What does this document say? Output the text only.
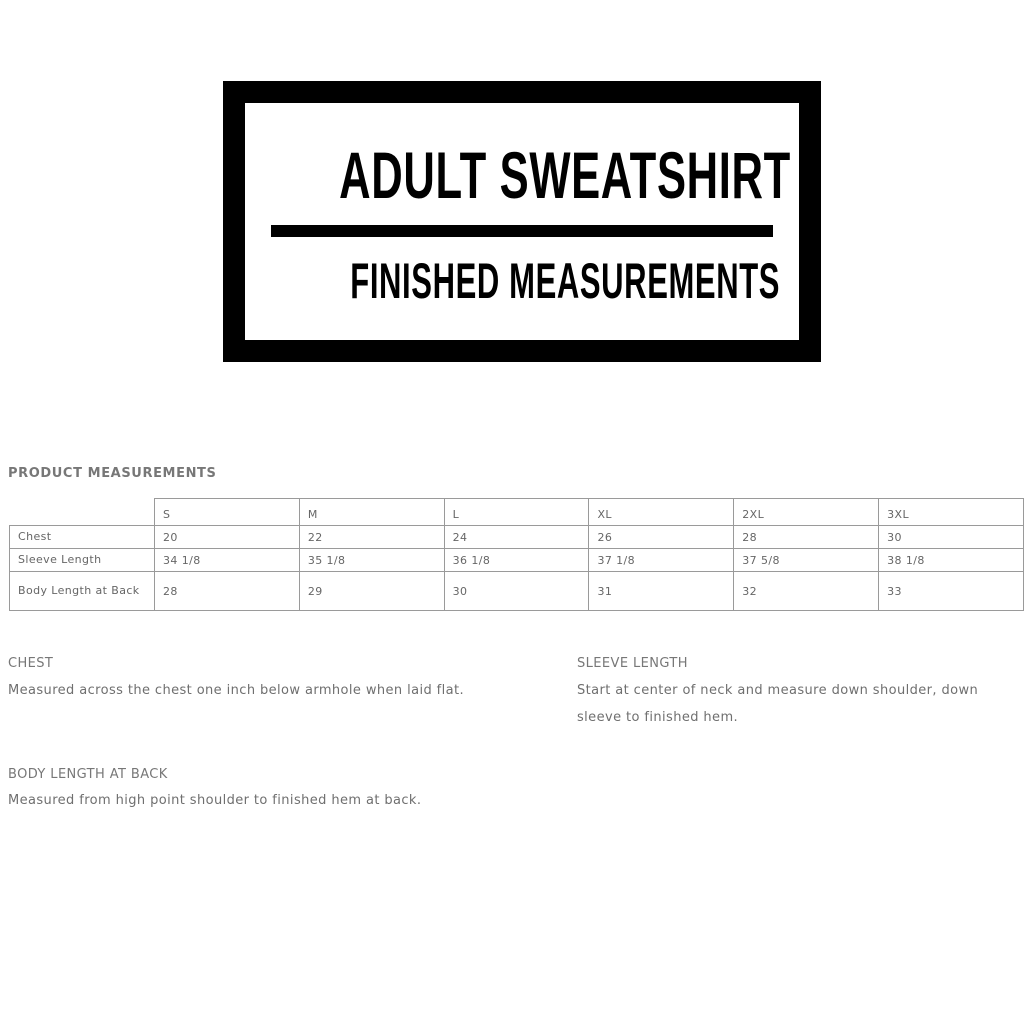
ADULT SWEATSHIRT
FINISHED MEASUREMENTS
PRODUCT MEASUREMENTS
	S	M	L	XL	2XL	3XL
Chest	20	22	24	26	28	30
Sleeve Length	34 1/8	35 1/8	36 1/8	37 1/8	37 5/8	38 1/8
Body Length at Back	28	29	30	31	32	33
CHEST
Measured across the chest one inch below armhole when laid flat.
SLEEVE LENGTH
Start at center of neck and measure down shoulder, down sleeve to finished hem.
BODY LENGTH AT BACK
Measured from high point shoulder to finished hem at back.
